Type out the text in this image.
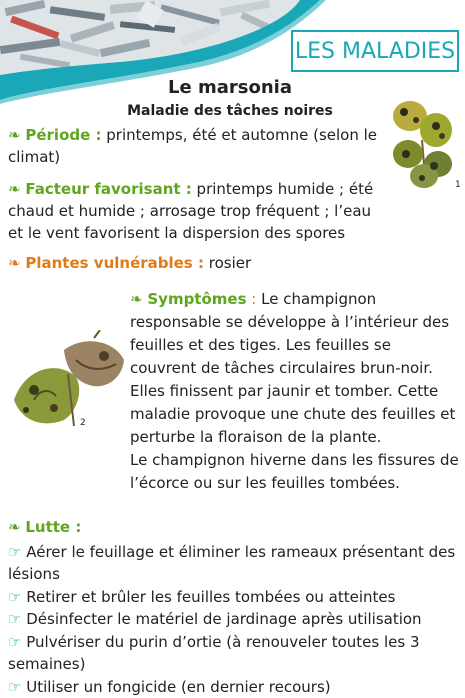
LES MALADIES
Le marsonia
Maladie des tâches noires
1
❧ Période : printemps, été et automne (selon le climat)
❧ Facteur favorisant : printemps humide ; été chaud et humide ; arrosage trop fréquent ; l’eau et le vent favorisent la dispersion des spores
❧ Plantes vulnérables : rosier
2
❧ Symptômes : Le champignon responsable se développe à l’intérieur des feuilles et des tiges. Les feuilles se couvrent de tâches circulaires brun-noir. Elles finissent par jaunir et tomber. Cette maladie provoque une chute des feuilles et perturbe la floraison de la plante.
Le champignon hiverne dans les fissures de l’écorce ou sur les feuilles tombées.

❧ Lutte :

☞ Aérer le feuillage et éliminer les rameaux présentant des lésions

☞ Retirer et brûler les feuilles tombées ou atteintes

☞ Désinfecter le matériel de jardinage après utilisation

☞ Pulvériser du purin d’ortie (à renouveler toutes les 3 semaines)

☞ Utiliser un fongicide (en dernier recours)
